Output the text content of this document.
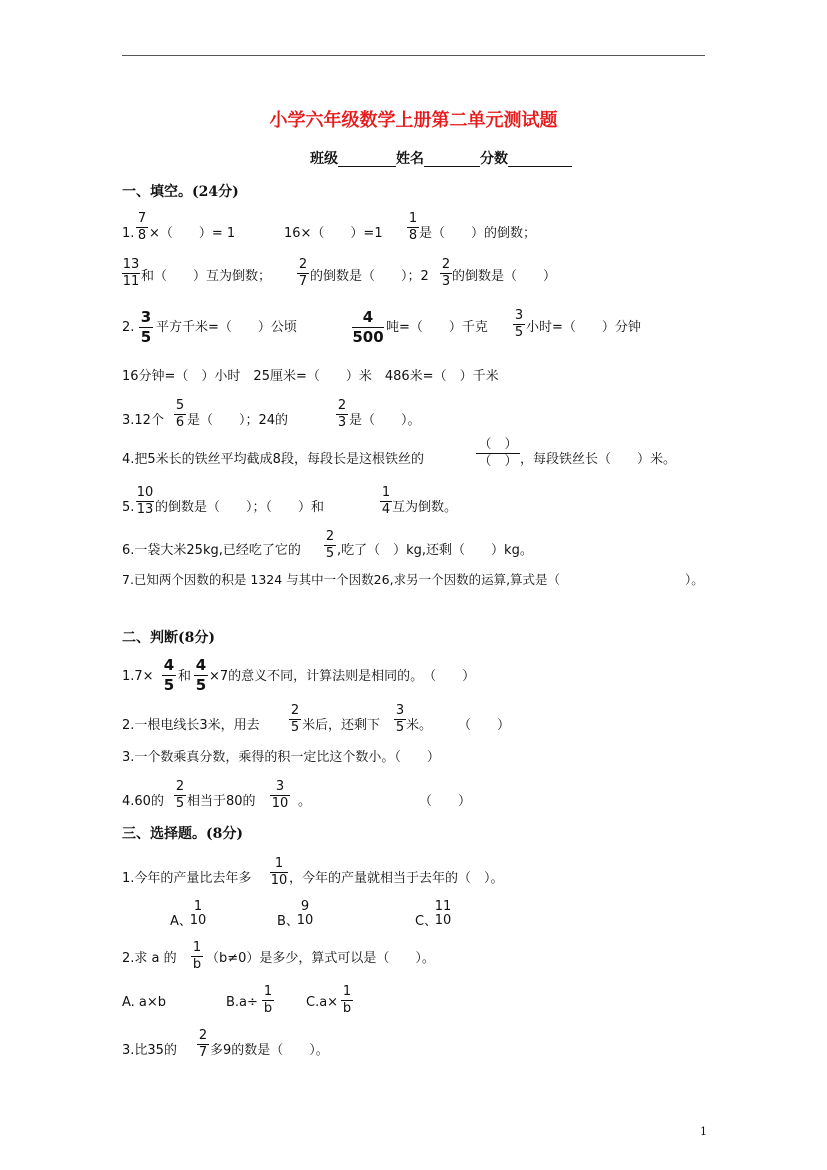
小学六年级数学上册第二单元测试题
班级	姓名	分数
一、填空。(24分)
1.
7
8 ×（　　）= 1	16×（　　）=1
1
8 是（　　）的倒数；
13
11 和（　　）互为倒数；
2
7 的倒数是（　　）；2
2
3 的倒数是（　　）
2.
3
5
平方千米=（　　）公顷
4
500
吨=（　　）千克
3
5 小时=（　　）分钟
16分钟=（　）小时　25厘米=（　　）米　486米=（　）千米
3.12个
5
6 是（　　）；24的
2
3 是（　　）。
4.把5米长的铁丝平均截成8段，每段长是这根铁丝的
（　）
（　） ，每段铁丝长（　　）米。
5.
10
13 的倒数是（　　）；（　　）和
1
4 互为倒数。
6.一袋大米25kg,已经吃了它的
2
5 ,吃了（　）kg,还剩（　　）kg。
7.已知两个因数的积是 1324 与其中一个因数26,求另一个因数的运算,算式是（　　　　　　　　　　）。
二、判断(8分)
1.7×
4
5 和
4
5 ×7的意义不同，计算法则是相同的。　（　　）
2.一根电线长3米，用去
2
5 米后，还剩下
3
5 米。　　　（　　）
3.一个数乘真分数，乘得的积一定比这个数小。（　　）
4.60的
2
5 相当于80的
3
10 。	（　　）
三、选择题。(8分)
1.今年的产量比去年多
1
10 ，今年的产量就相当于去年的（　）。
A、
1
10	B、
9
10	C、
11
10
2.求 a 的
1
b （b≠0）是多少，算式可以是（　　）。
A. a×b	B.a÷
1
b	C.a×
1
b
3.比35的
2
7 多9的数是（　　）。
1
